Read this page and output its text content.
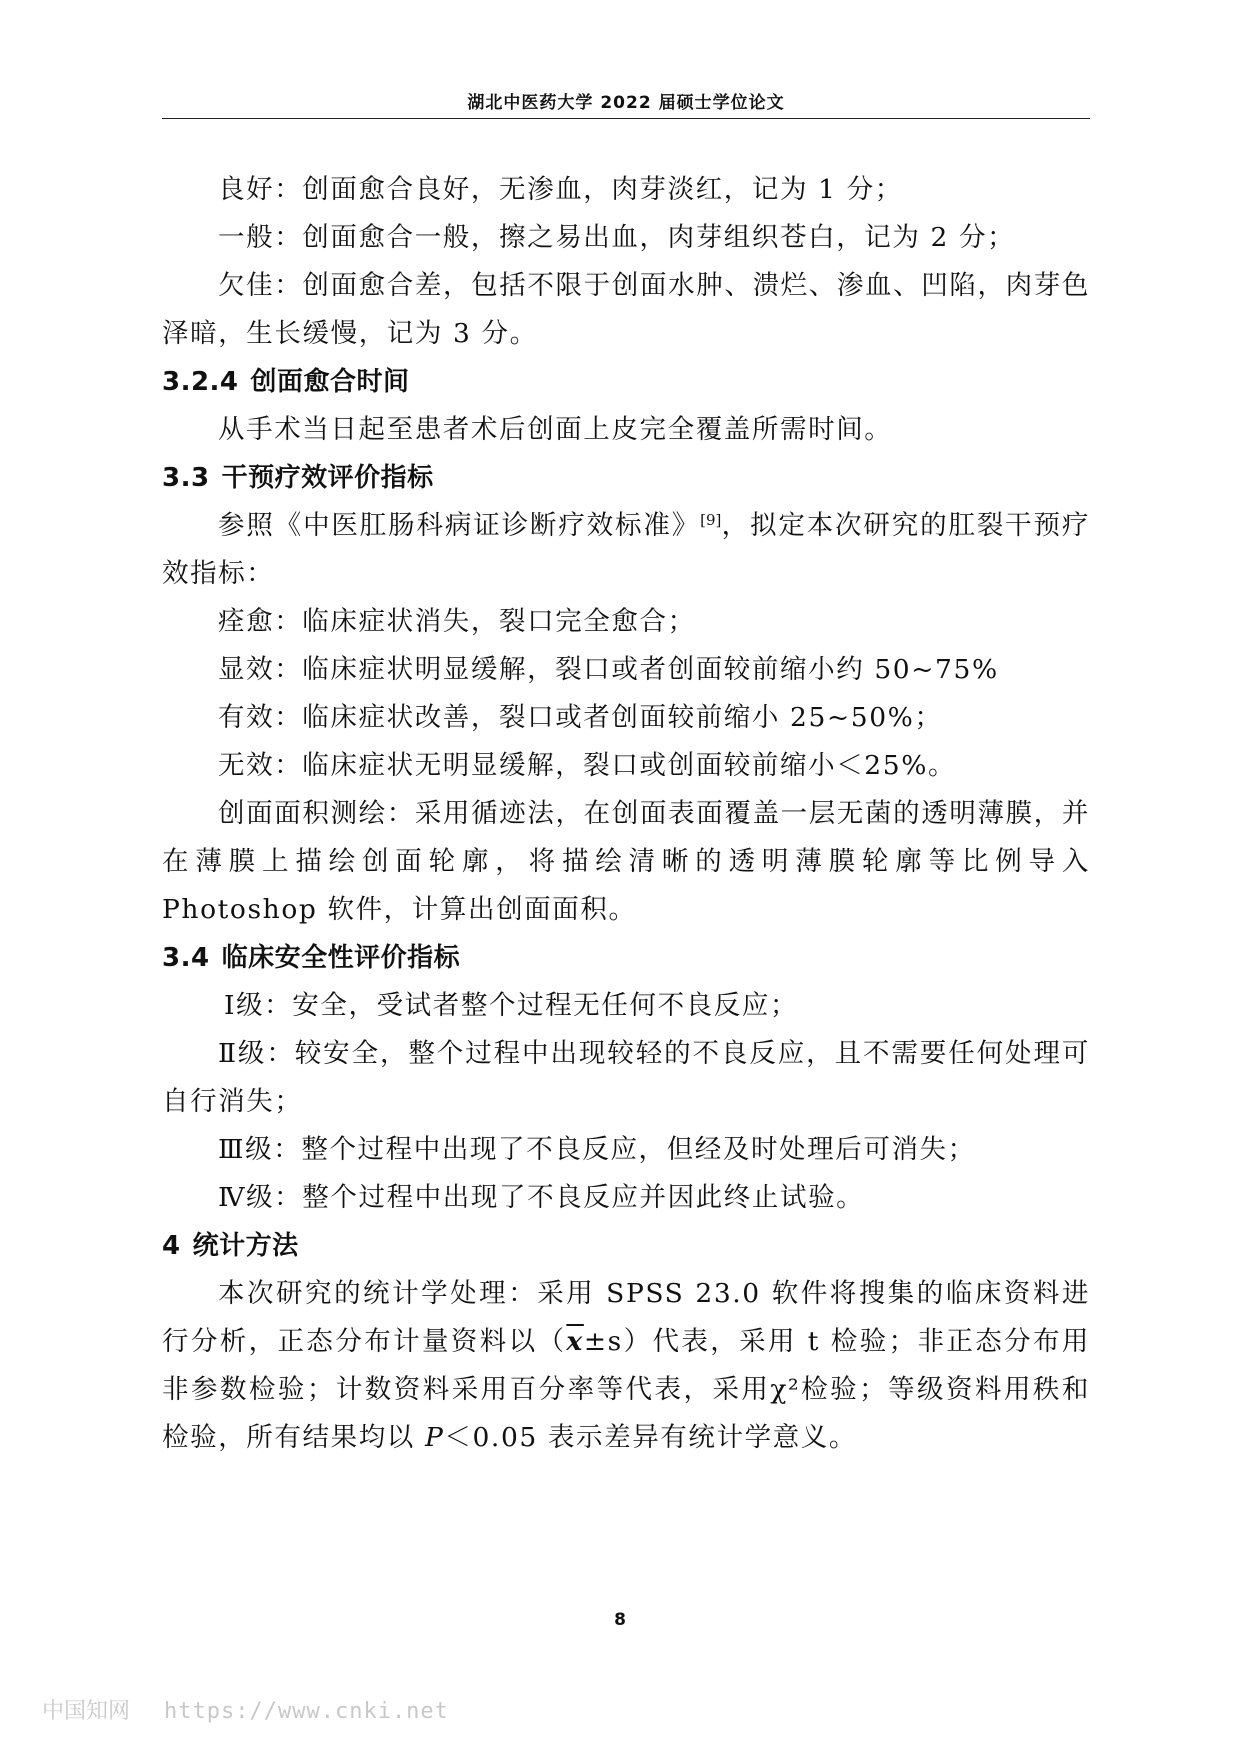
湖北中医药大学 2022 届硕士学位论文

良好：创面愈合良好，无渗血，肉芽淡红，记为 1 分；

一般：创面愈合一般，擦之易出血，肉芽组织苍白，记为 2 分；

欠佳：创面愈合差，包括不限于创面水肿、溃烂、渗血、凹陷，肉芽色泽暗，生长缓慢，记为 3 分。

3.2.4 创面愈合时间

从手术当日起至患者术后创面上皮完全覆盖所需时间。

3.3 干预疗效评价指标

参照《中医肛肠科病证诊断疗效标准》[9]，拟定本次研究的肛裂干预疗效指标：

痊愈：临床症状消失，裂口完全愈合；

显效：临床症状明显缓解，裂口或者创面较前缩小约 50~75%

有效：临床症状改善，裂口或者创面较前缩小 25~50%；

无效：临床症状无明显缓解，裂口或创面较前缩小＜25%。

创面面积测绘：采用循迹法，在创面表面覆盖一层无菌的透明薄膜，并在薄膜上描绘创面轮廓，将描绘清晰的透明薄膜轮廓等比例导入 Photoshop 软件，计算出创面面积。

3.4 临床安全性评价指标

Ⅰ级：安全，受试者整个过程无任何不良反应；

Ⅱ级：较安全，整个过程中出现较轻的不良反应，且不需要任何处理可自行消失；

Ⅲ级：整个过程中出现了不良反应，但经及时处理后可消失；

Ⅳ级：整个过程中出现了不良反应并因此终止试验。

4 统计方法

本次研究的统计学处理：采用 SPSS 23.0 软件将搜集的临床资料进行分析，正态分布计量资料以$(\overline{x}\pm s)$代表，采用 t 检验；非正态分布用非参数检验；计数资料采用百分率等代表，采用χ²检验；等级资料用秩和检验，所有结果均以 P＜0.05 表示差异有统计学意义。

8
中国知网 https://www.cnki.net
